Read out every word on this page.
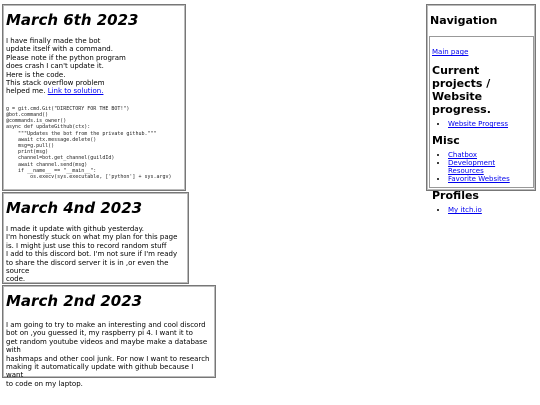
March 6th 2023

I have finally made the bot
update itself with a command.
Please note if the python program
does crash I can't update it.
Here is the code.
This stack overflow problem
helped me. Link to solution.

g = git.cmd.Git("DIRECTORY FOR THE BOT!")
@bot.command()
@commands.is_owner()
async def updateGithub(ctx):
"""Updates the bot from the private github."""
await ctx.message.delete()
msg=g.pull()
print(msg)
channel=bot.get_channel(guildId)
await channel.send(msg)
if __name__ == "__main__":
os.execv(sys.executable, ['python'] + sys.argv)
March 4nd 2023

I made it update with github yesterday.
I'm honestly stuck on what my plan for this page
is. I might just use this to record random stuff
I add to this discord bot. I'm not sure if I'm ready
to share the discord server it is in ,or even the source
code.

March 2nd 2023

I am going to try to make an interesting and cool discord
bot on ,you guessed it, my raspberry pi 4. I want it to
get random youtube videos and maybe make a database with
hashmaps and other cool junk. For now I want to research
making it automatically update with github because I want
to code on my laptop.

Navigation
Main page
Current projects / Website progress.
• Website Progress
Misc
• Chatbox
• Development Resources
• Favorite Websites
Profiles
• My itch.io
